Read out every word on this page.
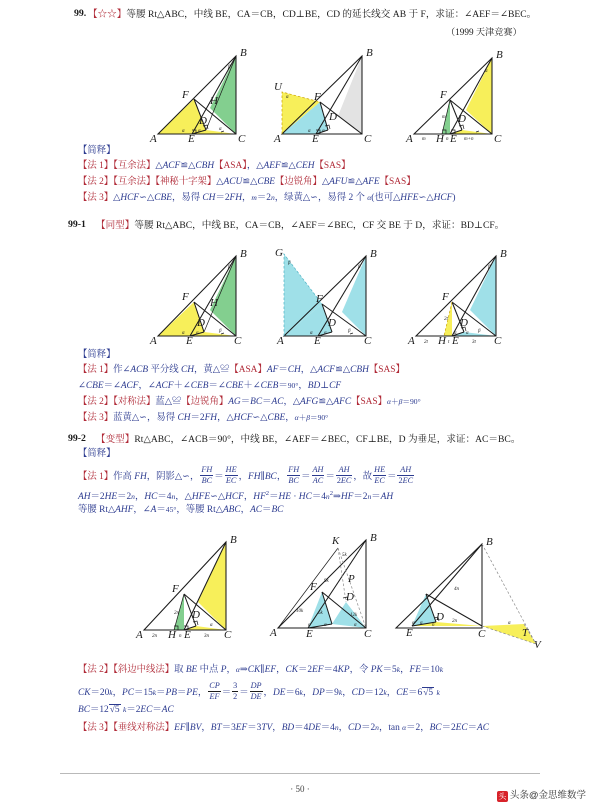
99. 【☆☆】等腰 Rt△ABC，中线 BE，CA＝CB，CD⊥BE，CD 的延长线交 AB 于 F，求证：∠AEF＝∠BEC。
（1999 天津竞赛）
A	E	C
B
F
D
H
β
α	α	α
A	E	C
B
F
D
U
α
α α
A H E	C
B
F
D
m	n	m+n
m
α
【简释】
【法 1】【互余法】△ACF≌△CBH【ASA】，△AEF≌△CEH【SAS】
【法 2】【互余法】【神秘十字架】△ACU≌△CBE【边锐角】△AFU≌△AFE【SAS】
【法 3】△HCF∽△CBE，易得 CH＝2FH，m＝2n，绿黄△∽，易得 2 个 α(也可△HFE∽△HCF)
99-1 【同型】等腰 Rt△ABC，中线 BE，CA＝CB，∠AEF＝∠BEC，CF 交 BE 于 D，求证：BD⊥CF。
A	E	C
B
F
D
H
β
α α	β
A	E	C
B
F
D
G
β
α α	β
β
A H E	C
B
F
D
2t	t	3t
2t
α α β
β
【简释】
【法 1】作∠ACB 平分线 CH，黄△≌【ASA】AF＝CH，△ACF≌△CBH【SAS】
∠CBE＝∠ACF，∠ACF＋∠CEB＝∠CBE＋∠CEB＝90°，BD⊥CF
【法 2】【对称法】蓝△≌【边锐角】AG＝BC＝AC，△AFG≌△AFC【SAS】α＋β＝90°
【法 3】蓝黄△∽，易得 CH＝2FH，△HCF∽△CBE，α＋β＝90°
99-2 【变型】Rt△ABC，∠ACB＝90°，中线 BE，∠AEF＝∠BEC，CF⊥BE，D 为垂足，求证：AC＝BC。
【简释】
【法 1】作高 FH，阴影△∽， $\frac{FH}{BC} = \frac{HE}{EC}$ ，FH∥BC， $\frac{FH}{BC} = \frac{AH}{AC} = \frac{AH}{2EC}$ ，故 $\frac{HE}{EC} = \frac{AH}{2EC}$
AH＝2HE＝2n，HC＝4n，△HFE∽△HCF，$HF^2=HE$ · $HC=4n^2\Rightarrow HF=2n=AH$
等腰 Rt△AHF，∠A＝45°，等腰 Rt△ABC，AC＝BC
A H E	C
B
F
D
2n	n	3n
2n
α
A	E	C
B
F
D
K
P
10k	6k
9k
12k
5k
α	α	α
E	C
B
D
T
V
4n
2n
n
α α	α
【法 2】【斜边中线法】取 BE 中点 P，α⇒CK∥EF，CK＝2EF＝4KP，令 PK＝5k，FE＝10k
CK＝20k，PC＝15k＝PB＝PE， $\frac{CP}{EF} = \frac{3}{2} = \frac{DP}{DE}$ ，DE＝6k，DP＝9k，CD＝12k，CE＝6√5 k
BC＝12√5 k＝2EC＝AC
【法 3】【垂线对称法】EF∥BV，BT＝3EF＝3TV，BD＝4DE＝4n，CD＝2n，tan α＝2，BC＝2EC＝AC
· 50 ·
头 头条@金思维数学
